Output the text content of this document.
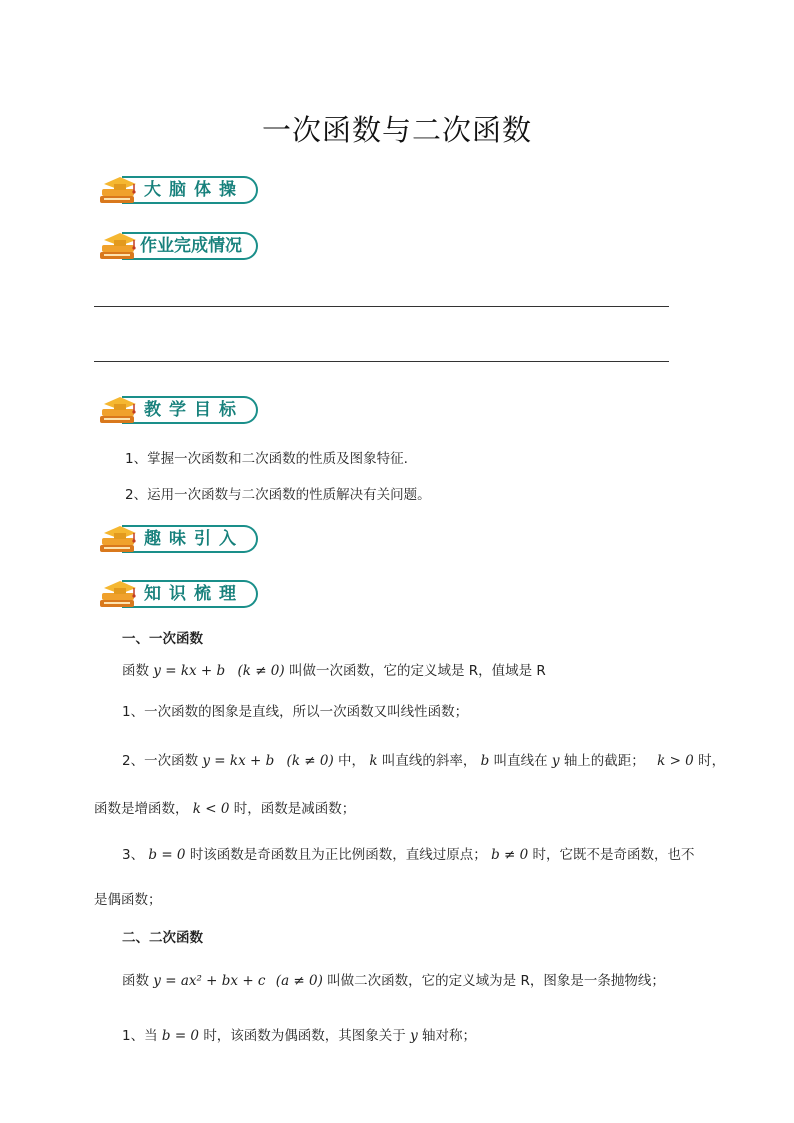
一次函数与二次函数
大脑体操
作业完成情况
教学目标
1、掌握一次函数和二次函数的性质及图象特征.
2、运用一次函数与二次函数的性质解决有关问题。
趣味引入
知识梳理
一、一次函数
函数 y = kx + b (k ≠ 0) 叫做一次函数，它的定义域是 R，值域是 R
1、一次函数的图象是直线，所以一次函数又叫线性函数；
2、一次函数 y = kx + b (k ≠ 0) 中， k 叫直线的斜率， b 叫直线在 y 轴上的截距； k > 0 时，
函数是增函数， k < 0 时，函数是减函数；
3、 b = 0 时该函数是奇函数且为正比例函数，直线过原点； b ≠ 0 时，它既不是奇函数，也不
是偶函数；
二、二次函数
函数 y = ax² + bx + c (a ≠ 0) 叫做二次函数，它的定义域为是 R，图象是一条抛物线；
1、当 b = 0 时，该函数为偶函数，其图象关于 y 轴对称；
